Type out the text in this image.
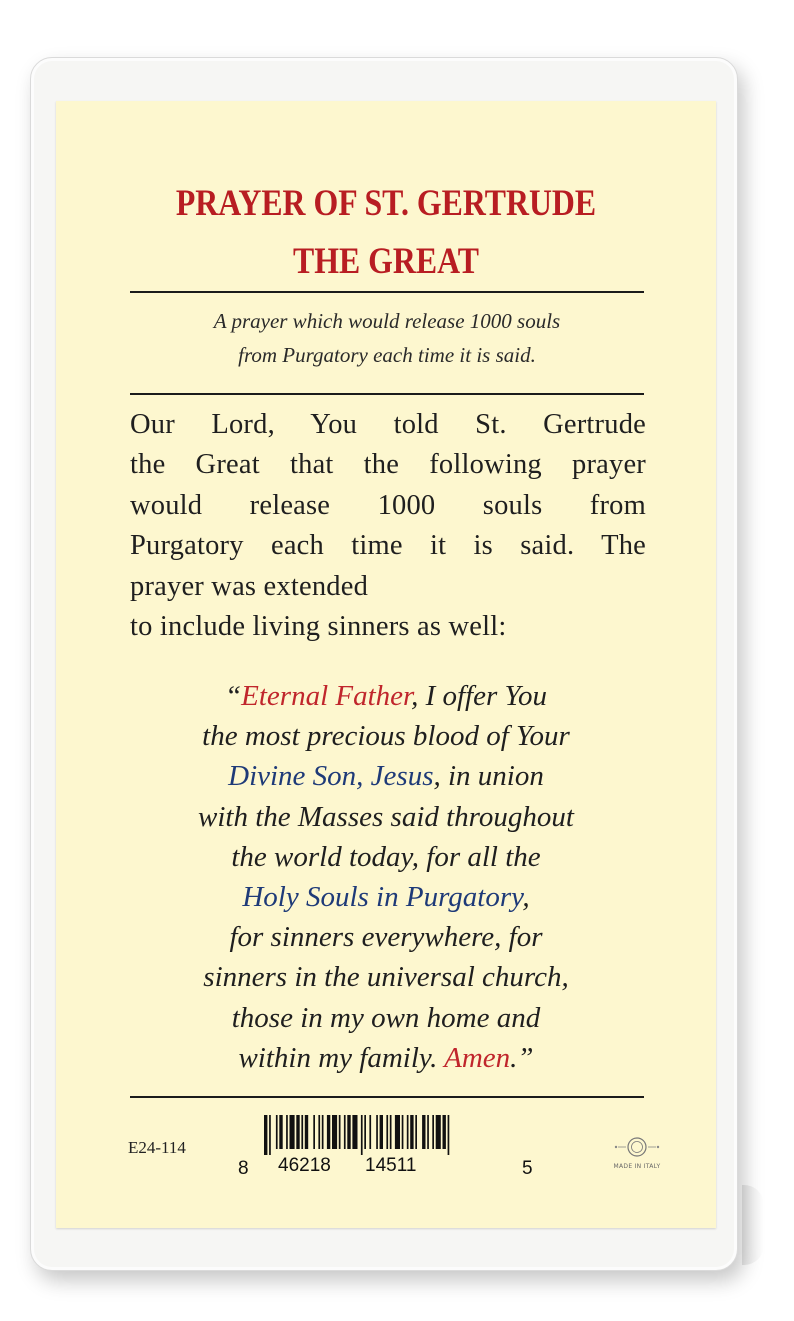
PRAYER OF ST. GERTRUDE
THE GREAT
A prayer which would release 1000 souls
from Purgatory each time it is said.
Our Lord, You told St. Gertrude
the Great that the following prayer
would release 1000 souls from
Purgatory each time it is said. The
prayer was extended
to include living sinners as well:
“Eternal Father, I offer You
the most precious blood of Your
Divine Son, Jesus, in union
with the Masses said throughout
the world today, for all the
Holy Souls in Purgatory,
for sinners everywhere, for
sinners in the universal church,
those in my own home and
within my family. Amen.”
E24-114
8 46218 14511	5	MADE IN ITALY
